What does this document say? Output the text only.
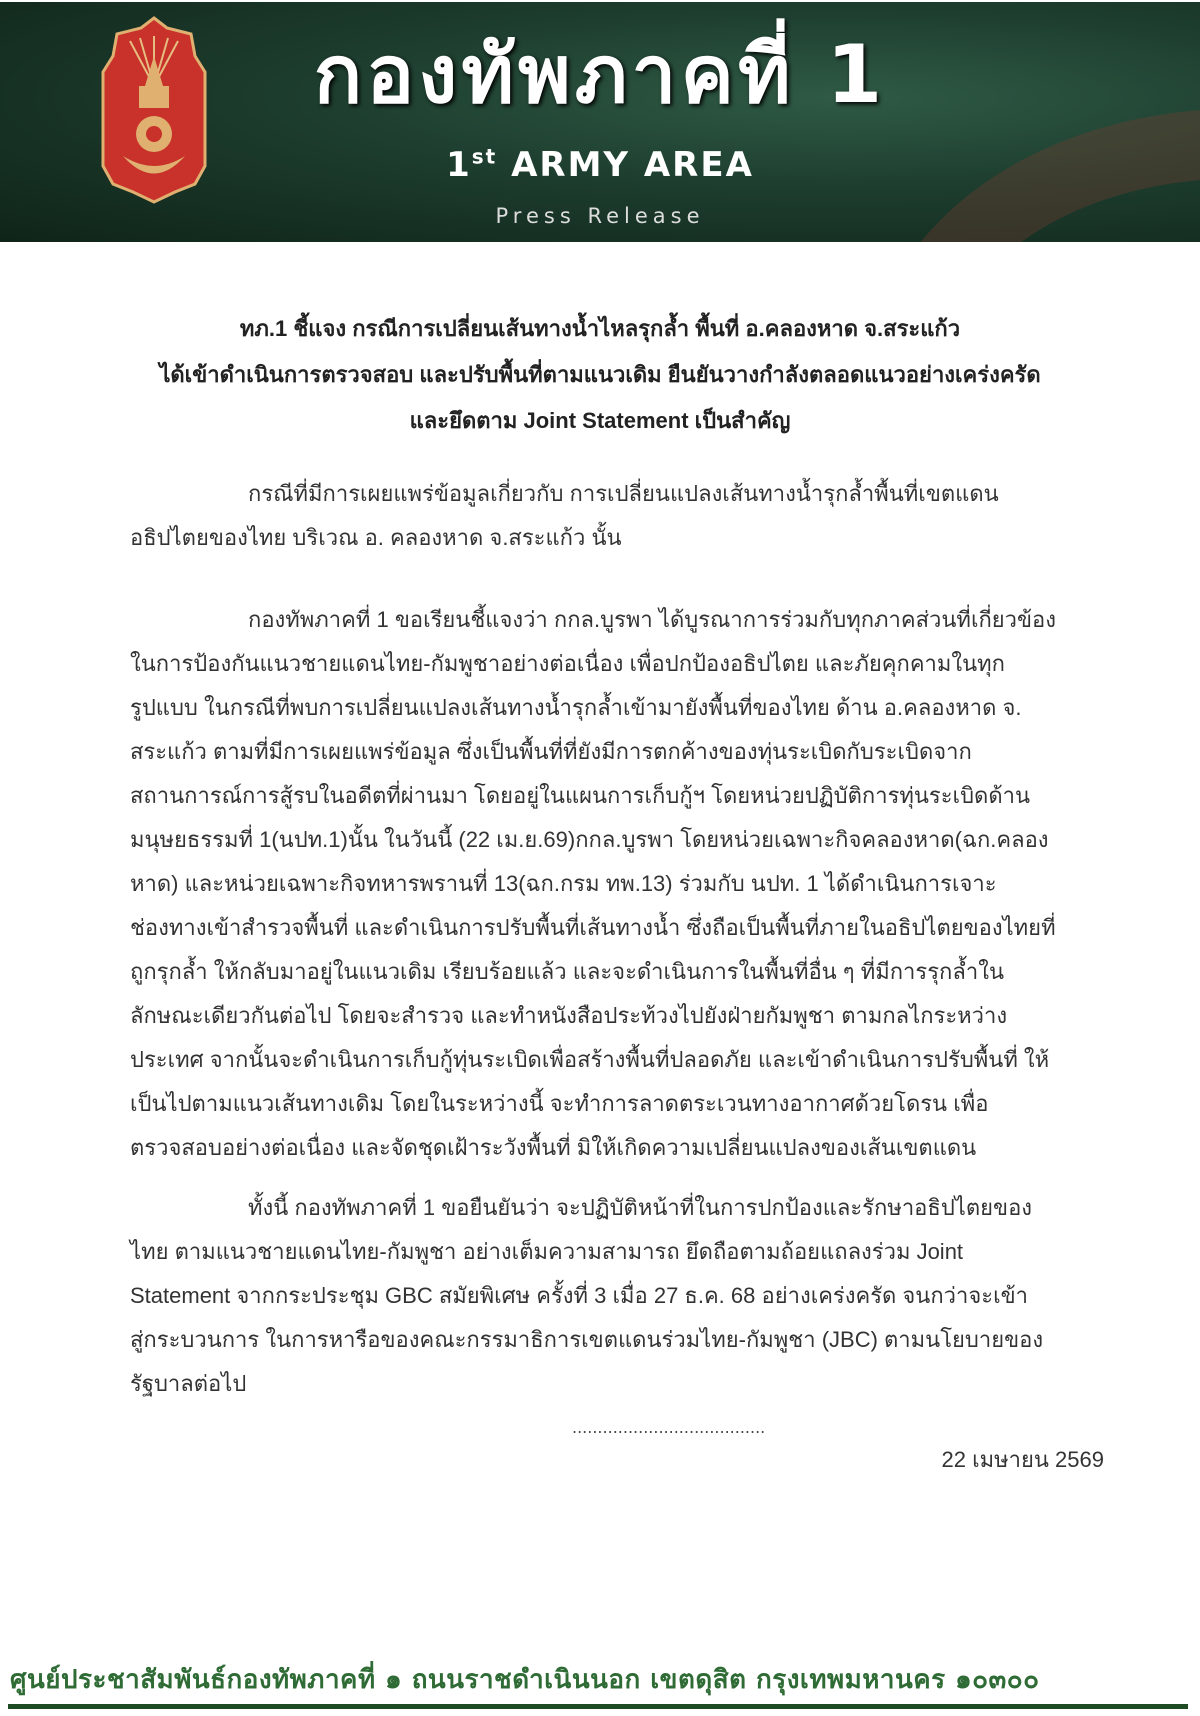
กองทัพภาคที่ 1
1st ARMY AREA
Press Release
ทภ.1 ชี้แจง กรณีการเปลี่ยนเส้นทางน้ำไหลรุกล้ำ พื้นที่ อ.คลองหาด จ.สระแก้ว
ได้เข้าดำเนินการตรวจสอบ และปรับพื้นที่ตามแนวเดิม ยืนยันวางกำลังตลอดแนวอย่างเคร่งครัด
และยึดตาม Joint Statement เป็นสำคัญ
กรณีที่มีการเผยแพร่ข้อมูลเกี่ยวกับ การเปลี่ยนแปลงเส้นทางน้ำรุกล้ำพื้นที่เขตแดน
อธิปไตยของไทย บริเวณ อ. คลองหาด จ.สระแก้ว นั้น
กองทัพภาคที่ 1 ขอเรียนชี้แจงว่า กกล.บูรพา ได้บูรณาการร่วมกับทุกภาคส่วนที่เกี่ยวข้อง
ในการป้องกันแนวชายแดนไทย-กัมพูชาอย่างต่อเนื่อง เพื่อปกป้องอธิปไตย และภัยคุกคามในทุก
รูปแบบ ในกรณีที่พบการเปลี่ยนแปลงเส้นทางน้ำรุกล้ำเข้ามายังพื้นที่ของไทย ด้าน อ.คลองหาด จ.
สระแก้ว ตามที่มีการเผยแพร่ข้อมูล ซึ่งเป็นพื้นที่ที่ยังมีการตกค้างของทุ่นระเบิดกับระเบิดจาก
สถานการณ์การสู้รบในอดีตที่ผ่านมา โดยอยู่ในแผนการเก็บกู้ฯ โดยหน่วยปฏิบัติการทุ่นระเบิดด้าน
มนุษยธรรมที่ 1(นปท.1)นั้น ในวันนี้ (22 เม.ย.69)กกล.บูรพา โดยหน่วยเฉพาะกิจคลองหาด(ฉก.คลอง
หาด) และหน่วยเฉพาะกิจทหารพรานที่ 13(ฉก.กรม ทพ.13) ร่วมกับ นปท. 1 ได้ดำเนินการเจาะ
ช่องทางเข้าสำรวจพื้นที่ และดำเนินการปรับพื้นที่เส้นทางน้ำ ซึ่งถือเป็นพื้นที่ภายในอธิปไตยของไทยที่
ถูกรุกล้ำ ให้กลับมาอยู่ในแนวเดิม เรียบร้อยแล้ว และจะดำเนินการในพื้นที่อื่น ๆ ที่มีการรุกล้ำใน
ลักษณะเดียวกันต่อไป โดยจะสำรวจ และทำหนังสือประท้วงไปยังฝ่ายกัมพูชา ตามกลไกระหว่าง
ประเทศ จากนั้นจะดำเนินการเก็บกู้ทุ่นระเบิดเพื่อสร้างพื้นที่ปลอดภัย และเข้าดำเนินการปรับพื้นที่ ให้
เป็นไปตามแนวเส้นทางเดิม โดยในระหว่างนี้ จะทำการลาดตระเวนทางอากาศด้วยโดรน เพื่อ
ตรวจสอบอย่างต่อเนื่อง และจัดชุดเฝ้าระวังพื้นที่ มิให้เกิดความเปลี่ยนแปลงของเส้นเขตแดน
ทั้งนี้ กองทัพภาคที่ 1 ขอยืนยันว่า จะปฏิบัติหน้าที่ในการปกป้องและรักษาอธิปไตยของ
ไทย ตามแนวชายแดนไทย-กัมพูชา อย่างเต็มความสามารถ ยึดถือตามถ้อยแถลงร่วม Joint
Statement จากกระประชุม GBC สมัยพิเศษ ครั้งที่ 3 เมื่อ 27 ธ.ค. 68 อย่างเคร่งครัด จนกว่าจะเข้า
สู่กระบวนการ ในการหารือของคณะกรรมาธิการเขตแดนร่วมไทย-กัมพูชา (JBC) ตามนโยบายของ
รัฐบาลต่อไป
......................................
22 เมษายน 2569
ศูนย์ประชาสัมพันธ์กองทัพภาคที่ ๑ ถนนราชดำเนินนอก เขตดุสิต กรุงเทพมหานคร ๑๐๓๐๐
